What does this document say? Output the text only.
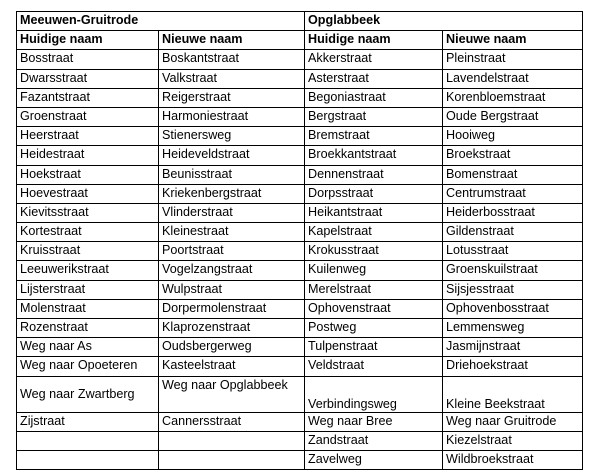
Meeuwen-Gruitrode		Opglabbeek	
Huidige naam	Nieuwe naam	Huidige naam	Nieuwe naam
Bosstraat	Boskantstraat	Akkerstraat	Pleinstraat
Dwarsstraat	Valkstraat	Asterstraat	Lavendelstraat
Fazantstraat	Reigerstraat	Begoniastraat	Korenbloemstraat
Groenstraat	Harmoniestraat	Bergstraat	Oude Bergstraat
Heerstraat	Stienersweg	Bremstraat	Hooiweg
Heidestraat	Heideveldstraat	Broekkantstraat	Broekstraat
Hoekstraat	Beunisstraat	Dennenstraat	Bomenstraat
Hoevestraat	Kriekenbergstraat	Dorpsstraat	Centrumstraat
Kievitsstraat	Vlinderstraat	Heikantstraat	Heiderbosstraat
Kortestraat	Kleinestraat	Kapelstraat	Gildenstraat
Kruisstraat	Poortstraat	Krokusstraat	Lotusstraat
Leeuwerikstraat	Vogelzangstraat	Kuilenweg	Groenskuilstraat
Lijsterstraat	Wulpstraat	Merelstraat	Sijsjesstraat
Molenstraat	Dorpermolenstraat	Ophovenstraat	Ophovenbosstraat
Rozenstraat	Klaprozenstraat	Postweg	Lemmensweg
Weg naar As	Oudsbergerweg	Tulpenstraat	Jasmijnstraat
Weg naar Opoeteren	Kasteelstraat	Veldstraat	Driehoekstraat
Weg naar Zwartberg	Weg naar Opglabbeek	Verbindingsweg	Kleine Beekstraat
Zijstraat	Cannersstraat	Weg naar Bree	Weg naar Gruitrode
		Zandstraat	Kiezelstraat
		Zavelweg	Wildbroekstraat
